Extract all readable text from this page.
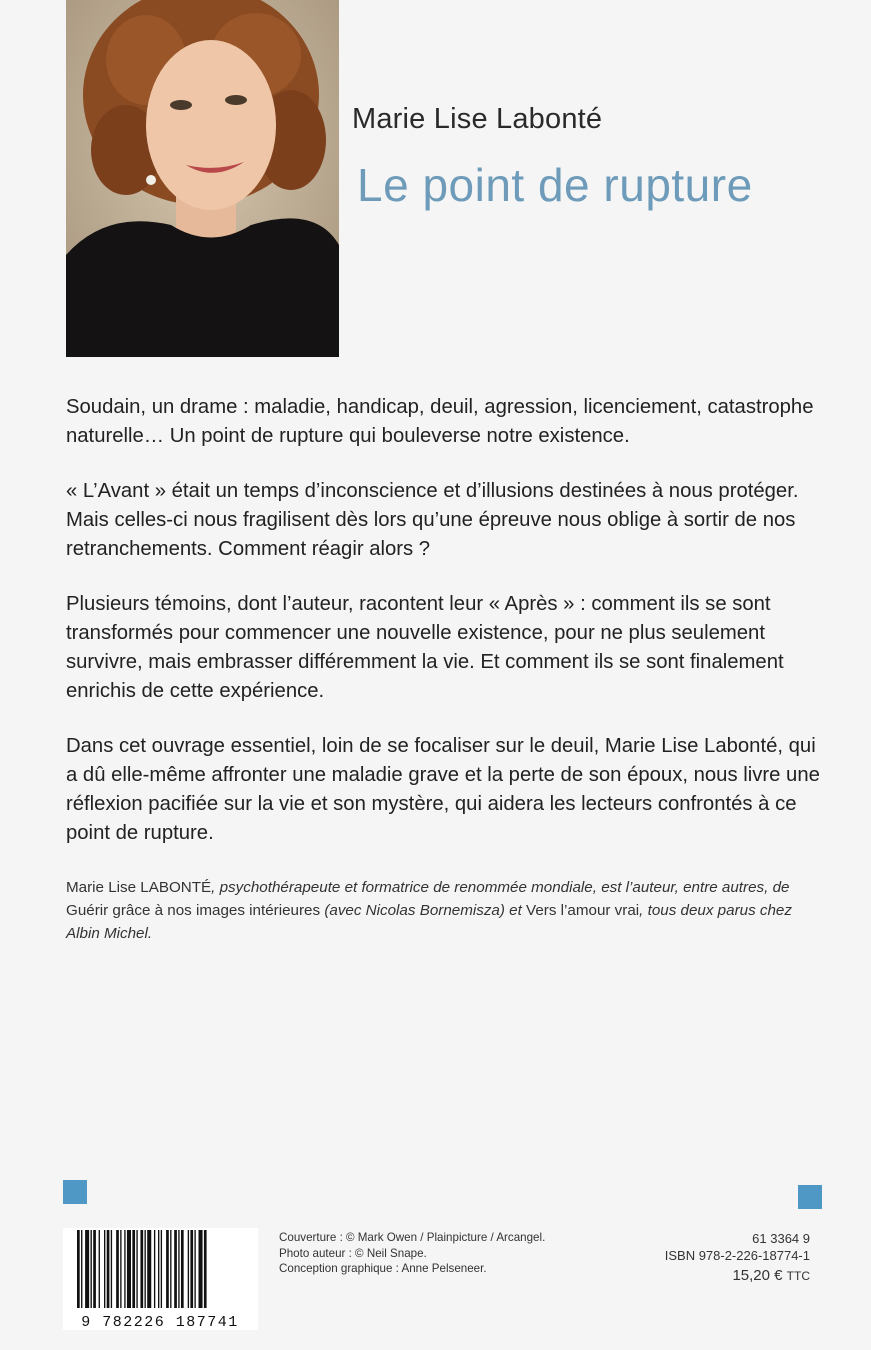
Marie Lise Labonté
Le point de rupture

Soudain, un drame : maladie, handicap, deuil, agression, licenciement, catastrophe naturelle… Un point de rupture qui bouleverse notre existence.

« L’Avant » était un temps d’inconscience et d’illusions destinées à nous protéger. Mais celles-ci nous fragilisent dès lors qu’une épreuve nous oblige à sortir de nos retranchements. Comment réagir alors ?

Plusieurs témoins, dont l’auteur, racontent leur « Après » : comment ils se sont transformés pour commencer une nouvelle existence, pour ne plus seulement survivre, mais embrasser différemment la vie. Et comment ils se sont finalement enrichis de cette expérience.

Dans cet ouvrage essentiel, loin de se focaliser sur le deuil, Marie Lise Labonté, qui a dû elle-même affronter une maladie grave et la perte de son époux, nous livre une réflexion pacifiée sur la vie et son mystère, qui aidera les lecteurs confrontés à ce point de rupture.

Marie Lise LABONTÉ, psychothérapeute et formatrice de renommée mondiale, est l’auteur, entre autres, de Guérir grâce à nos images intérieures (avec Nicolas Bornemisza) et Vers l’amour vrai, tous deux parus chez Albin Michel.
9 782226 187741
Couverture : © Mark Owen / Plainpicture / Arcangel.
Photo auteur : © Neil Snape.
Conception graphique : Anne Pelseneer.
61 3364 9
ISBN 978-2-226-18774-1
15,20 € TTC
